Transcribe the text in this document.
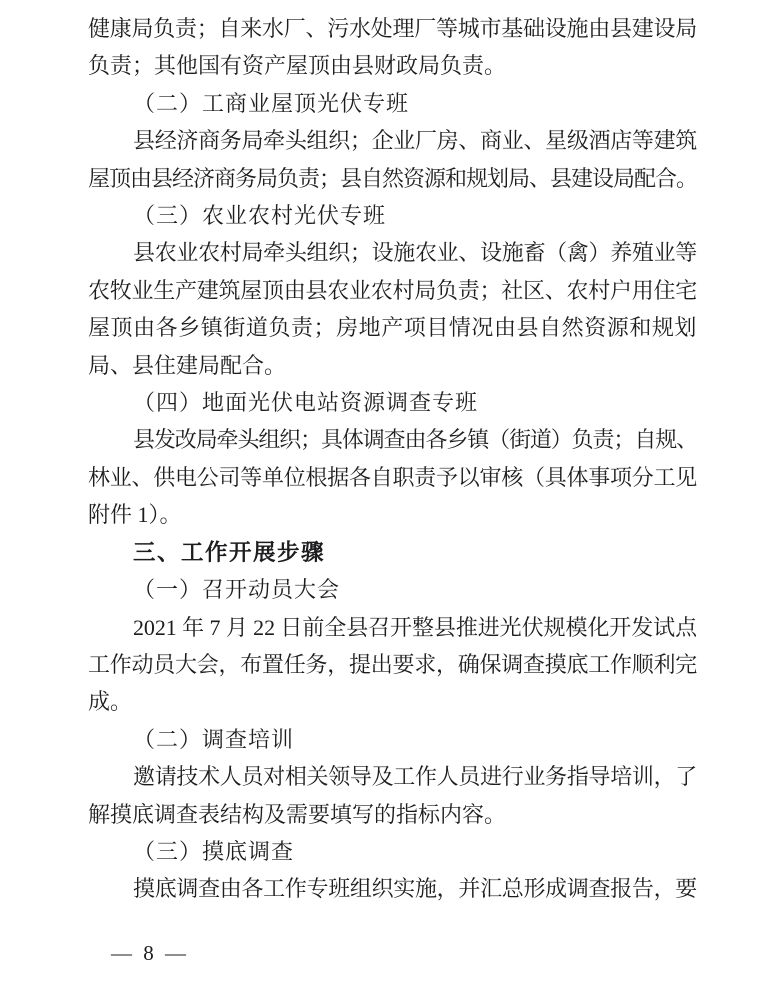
健康局负责；自来水厂、污水处理厂等城市基础设施由县建设局
负责；其他国有资产屋顶由县财政局负责。
（二）工商业屋顶光伏专班
县经济商务局牵头组织；企业厂房、商业、星级酒店等建筑
屋顶由县经济商务局负责；县自然资源和规划局、县建设局配合。
（三）农业农村光伏专班
县农业农村局牵头组织；设施农业、设施畜（禽）养殖业等
农牧业生产建筑屋顶由县农业农村局负责；社区、农村户用住宅
屋顶由各乡镇街道负责；房地产项目情况由县自然资源和规划
局、县住建局配合。
（四）地面光伏电站资源调查专班
县发改局牵头组织；具体调查由各乡镇（街道）负责；自规、
林业、供电公司等单位根据各自职责予以审核（具体事项分工见
附件 1）。
三、工作开展步骤
（一）召开动员大会
2021 年 7 月 22 日前全县召开整县推进光伏规模化开发试点
工作动员大会，布置任务，提出要求，确保调查摸底工作顺利完
成。
（二）调查培训
邀请技术人员对相关领导及工作人员进行业务指导培训，了
解摸底调查表结构及需要填写的指标内容。
（三）摸底调查
摸底调查由各工作专班组织实施，并汇总形成调查报告，要
— 8 —
